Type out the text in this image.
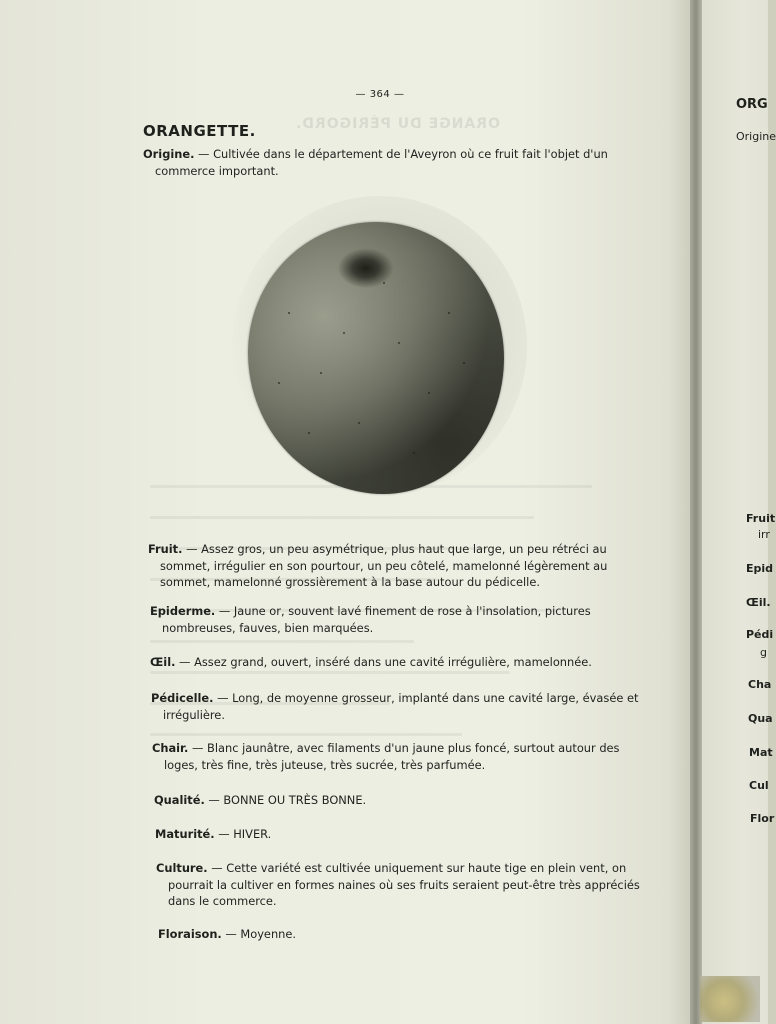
— 364 —
ORANGE DU PÉRIGORD.
ORANGETTE.

Origine. — Cultivée dans le département de l'Aveyron où ce fruit fait l'objet d'un commerce important.

Fruit. — Assez gros, un peu asymétrique, plus haut que large, un peu rétréci au sommet, irrégulier en son pourtour, un peu côtelé, mamelonné légèrement au sommet, mamelonné grossièrement à la base autour du pédicelle.

Epiderme. — Jaune or, souvent lavé finement de rose à l'insolation, pictures nombreuses, fauves, bien marquées.

Œil. — Assez grand, ouvert, inséré dans une cavité irrégulière, mamelonnée.

Pédicelle. — Long, de moyenne grosseur, implanté dans une cavité large, évasée et irrégulière.

Chair. — Blanc jaunâtre, avec filaments d'un jaune plus foncé, surtout autour des loges, très fine, très juteuse, très sucrée, très parfumée.

Qualité. — BONNE OU TRÈS BONNE.

Maturité. — HIVER.

Culture. — Cette variété est cultivée uniquement sur haute tige en plein vent, on pourrait la cultiver en formes naines où ses fruits seraient peut-être très appréciés dans le commerce.

Floraison. — Moyenne.

ORG
Origine
Fruit
irr
Epid
Œil.
Pédi
g
Cha
Qua
Mat
Cul
Flor
